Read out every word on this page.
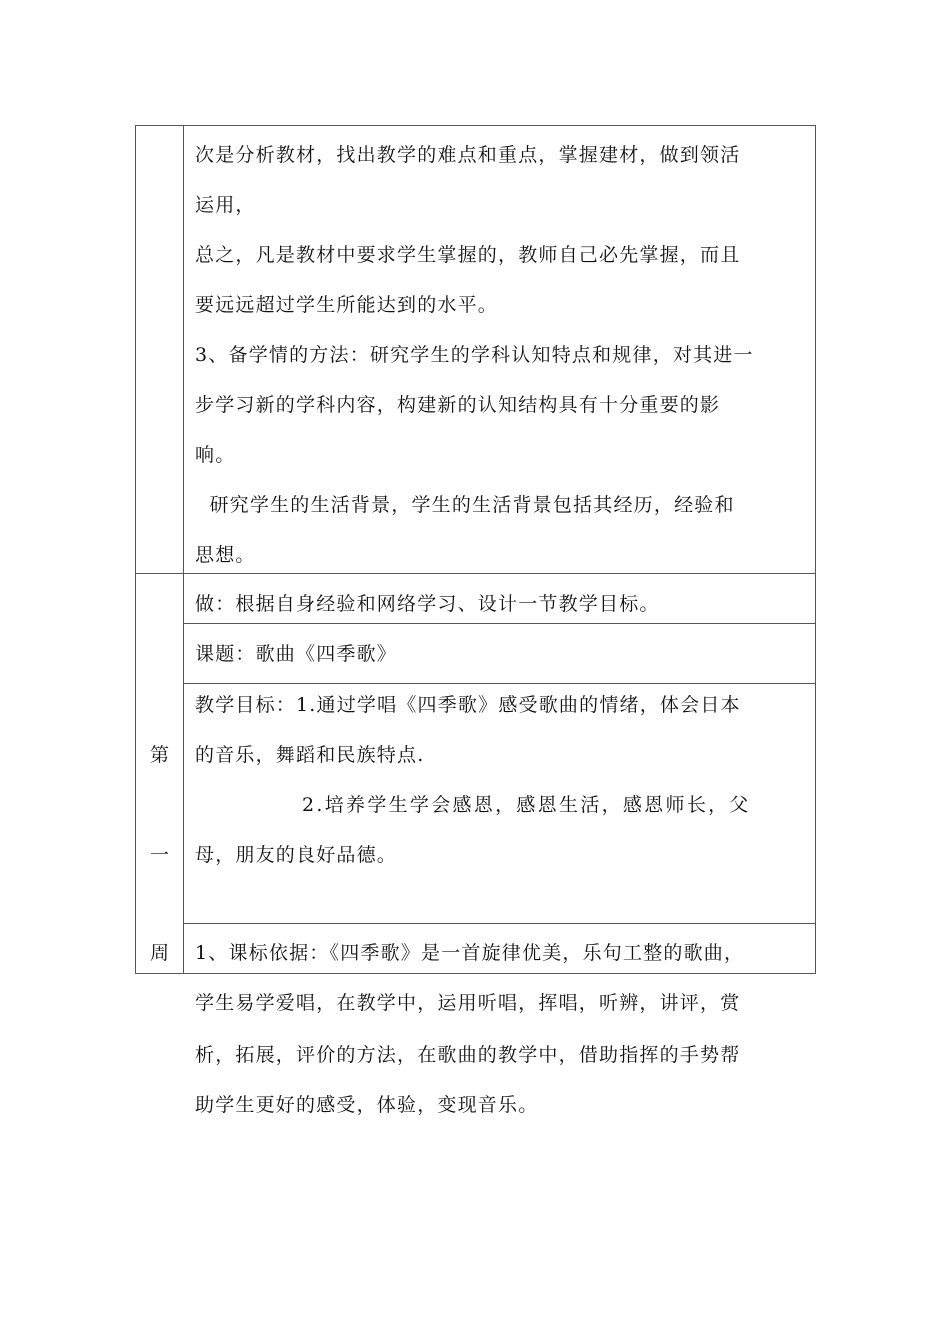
次是分析教材，找出教学的难点和重点，掌握建材，做到领活
运用，
总之，凡是教材中要求学生掌握的，教师自己必先掌握，而且
要远远超过学生所能达到的水平。
3、备学情的方法：研究学生的学科认知特点和规律，对其进一
步学习新的学科内容，构建新的认知结构具有十分重要的影
响。
研究学生的生活背景，学生的生活背景包括其经历，经验和
思想。
第
一
周
做：根据自身经验和网络学习、设计一节教学目标。
课题：歌曲《四季歌》
教学目标：1.通过学唱《四季歌》感受歌曲的情绪，体会日本
的音乐，舞蹈和民族特点.
2.培养学生学会感恩，感恩生活，感恩师长，父
母，朋友的良好品德。
1、课标依据：《四季歌》是一首旋律优美，乐句工整的歌曲，
学生易学爱唱，在教学中，运用听唱，挥唱，听辨，讲评，赏
析，拓展，评价的方法，在歌曲的教学中，借助指挥的手势帮
助学生更好的感受，体验，变现音乐。
